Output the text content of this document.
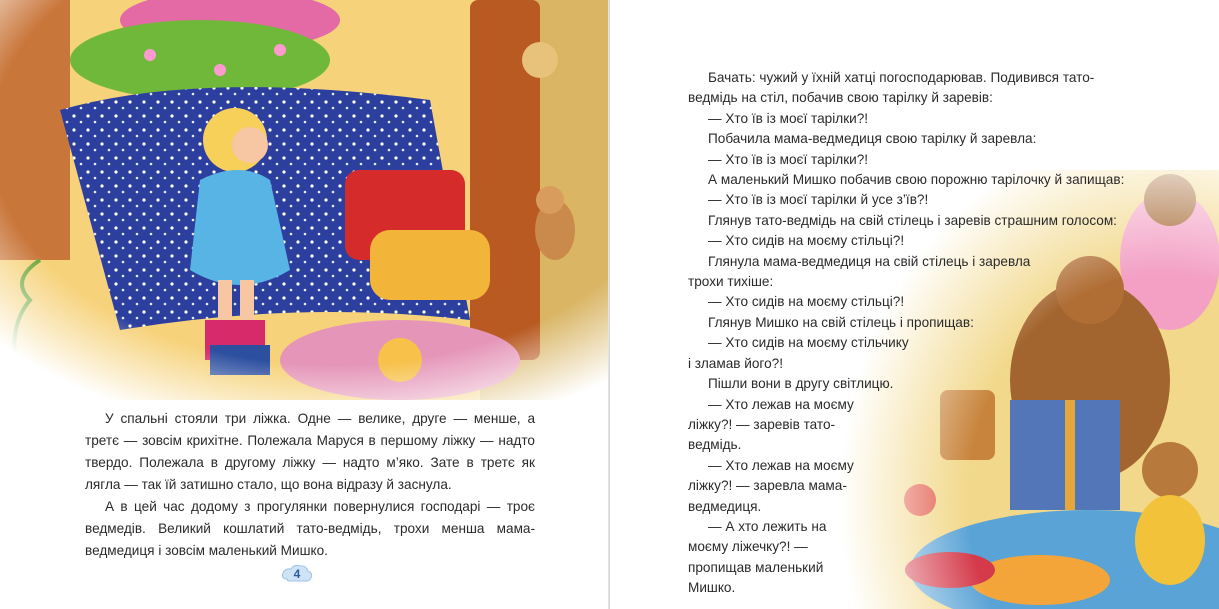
У спальні стояли три ліжка. Одне — велике, друге — менше, а третє — зовсім крихітне. Полежала Маруся в першому ліжку — надто твердо. Полежала в другому ліжку — надто м’яко. Зате в третє як лягла — так їй затишно стало, що вона відразу й заснула.

А в цей час додому з прогулянки повернулися господарі — троє ведмедів. Великий кошлатий тато-ведмідь, трохи менша мама-ведмедиця і зовсім маленький Мишко.

4

Бачать: чужий у їхній хатці погосподарював. Подивився тато-ведмідь на стіл, побачив свою тарілку й заревів:

— Хто їв із моєї тарілки?!

Побачила мама-ведмедиця свою тарілку й заревла:

— Хто їв із моєї тарілки?!

А маленький Мишко побачив свою порожню тарілочку й запищав:

— Хто їв із моєї тарілки й усе з’їв?!

Глянув тато-ведмідь на свій стілець і заревів страшним голосом:

— Хто сидів на моєму стільці?!

Глянула мама-ведмедиця на свій стілець і заревла

трохи тихіше:

— Хто сидів на моєму стільці?!

Глянув Мишко на свій стілець і пропищав:

— Хто сидів на моєму стільчику

і зламав його?!

Пішли вони в другу світлицю.

— Хто лежав на моєму ліжку?! — заревів тато-ведмідь.

— Хто лежав на моєму ліжку?! — заревла мама-ведмедиця.

— А хто лежить на моєму ліжечку?! — пропищав маленький Мишко.
